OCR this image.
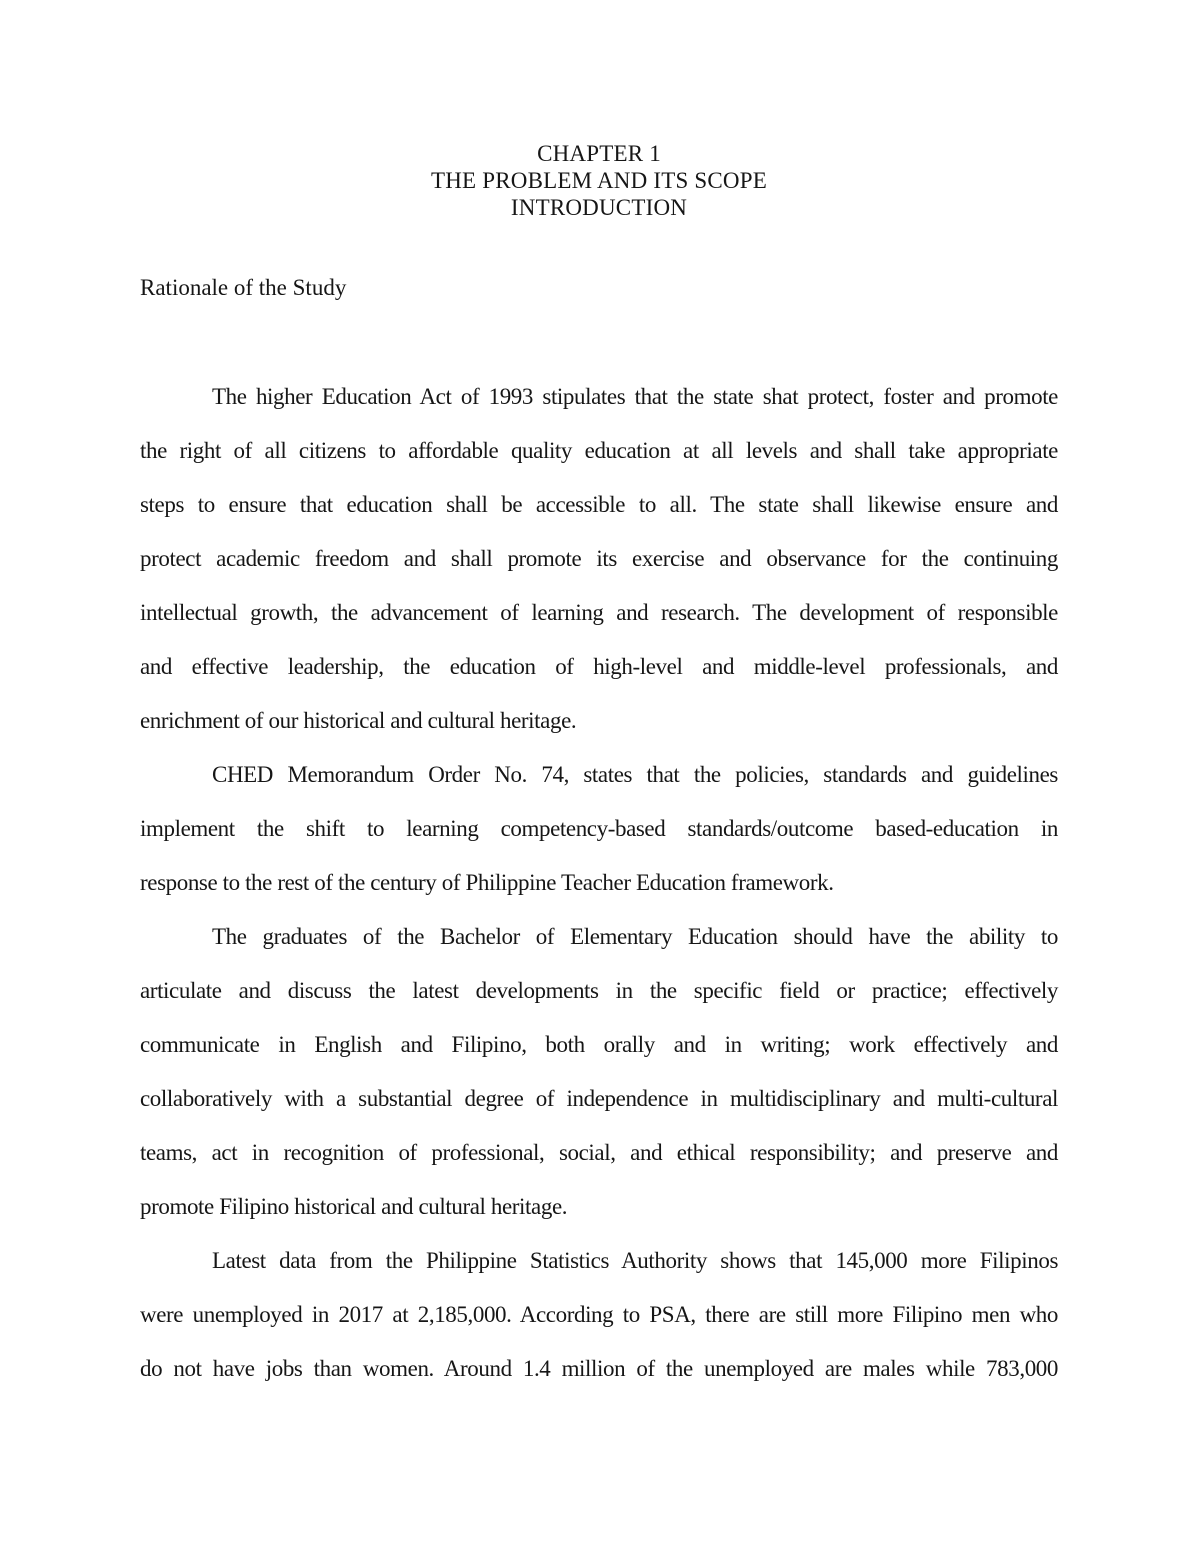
CHAPTER 1
THE PROBLEM AND ITS SCOPE
INTRODUCTION
Rationale of the Study
The higher Education Act of 1993 stipulates that the state shat protect, foster and promote
the right of all citizens to affordable quality education at all levels and shall take appropriate
steps to ensure that education shall be accessible to all. The state shall likewise ensure and
protect academic freedom and shall promote its exercise and observance for the continuing
intellectual growth, the advancement of learning and research. The development of responsible
and effective leadership, the education of high-level and middle-level professionals, and
enrichment of our historical and cultural heritage.
CHED Memorandum Order No. 74, states that the policies, standards and guidelines
implement the shift to learning competency-based standards/outcome based-education in
response to the rest of the century of Philippine Teacher Education framework.
The graduates of the Bachelor of Elementary Education should have the ability to
articulate and discuss the latest developments in the specific field or practice; effectively
communicate in English and Filipino, both orally and in writing; work effectively and
collaboratively with a substantial degree of independence in multidisciplinary and multi-cultural
teams, act in recognition of professional, social, and ethical responsibility; and preserve and
promote Filipino historical and cultural heritage.
Latest data from the Philippine Statistics Authority shows that 145,000 more Filipinos
were unemployed in 2017 at 2,185,000. According to PSA, there are still more Filipino men who
do not have jobs than women. Around 1.4 million of the unemployed are males while 783,000
